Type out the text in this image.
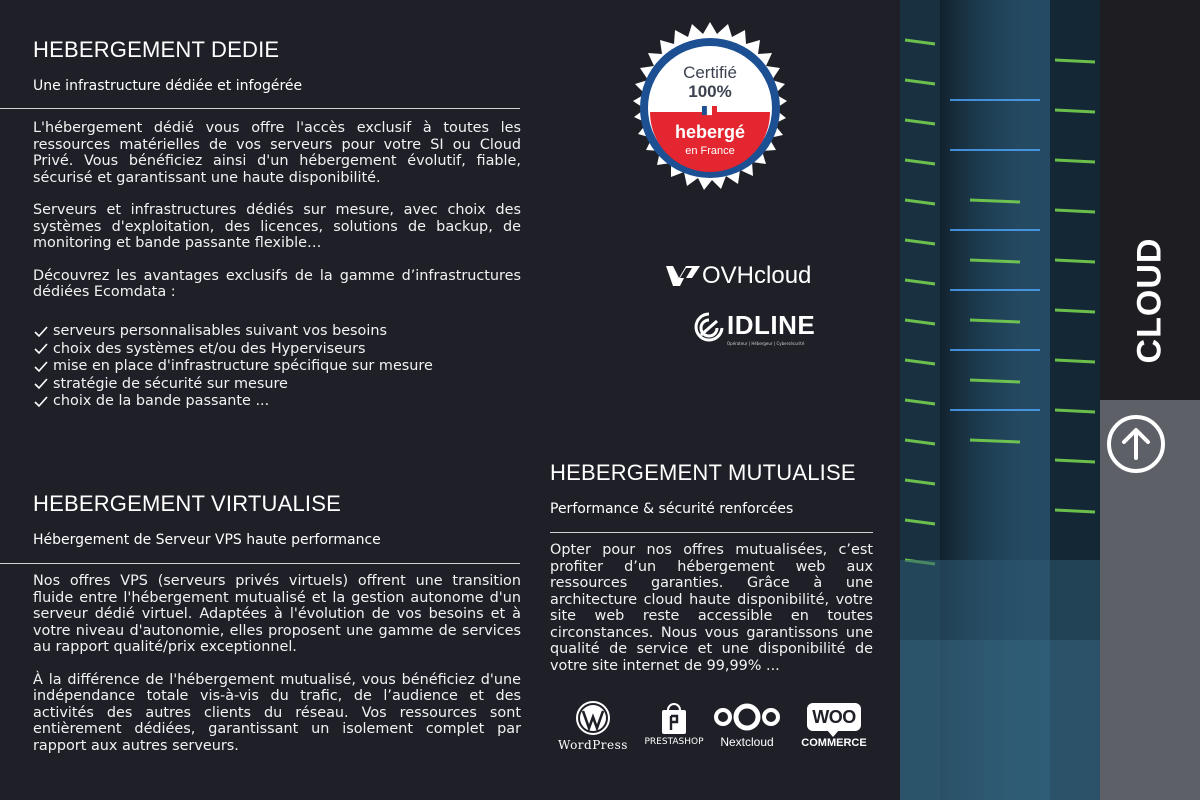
HEBERGEMENT DEDIE
Une infrastructure dédiée et infogérée

L'hébergement dédié vous offre l'accès exclusif à toutes les ressources matérielles de vos serveurs pour votre SI ou Cloud Privé. Vous bénéficiez ainsi d'un hébergement évolutif, fiable, sécurisé et garantissant une haute disponibilité.

Serveurs et infrastructures dédiés sur mesure, avec choix des systèmes d'exploitation, des licences, solutions de backup, de monitoring et bande passante flexible…

Découvrez les avantages exclusifs de la gamme d’infrastructures dédiées Ecomdata :

serveurs personnalisables suivant vos besoins
choix des systèmes et/ou des Hyperviseurs
mise en place d'infrastructure spécifique sur mesure
stratégie de sécurité sur mesure
choix de la bande passante ...
HEBERGEMENT VIRTUALISE
Hébergement de Serveur VPS haute performance

Nos offres VPS (serveurs privés virtuels) offrent une transition fluide entre l'hébergement mutualisé et la gestion autonome d'un serveur dédié virtuel. Adaptées à l'évolution de vos besoins et à votre niveau d'autonomie, elles proposent une gamme de services au rapport qualité/prix exceptionnel.

À la différence de l'hébergement mutualisé, vous bénéficiez d'une indépendance totale vis-à-vis du trafic, de l’audience et des activités des autres clients du réseau. Vos ressources sont entièrement dédiées, garantissant un isolement complet par rapport aux autres serveurs.

Certifié
100%
hebergé
en France
OVHcloud
IDLINE
Opérateur | Hébergeur | Cybersécurité
HEBERGEMENT MUTUALISE
Performance & sécurité renforcées

Opter pour nos offres mutualisées, c’est profiter d’un hébergement web aux ressources garanties. Grâce à une architecture cloud haute disponibilité, votre site web reste accessible en toutes circonstances. Nous vous garantissons une qualité de service et une disponibilité de votre site internet de 99,99% ...

WordPress	PRESTASHOP	Nextcloud
WOO
COMMERCE
CLOUD
